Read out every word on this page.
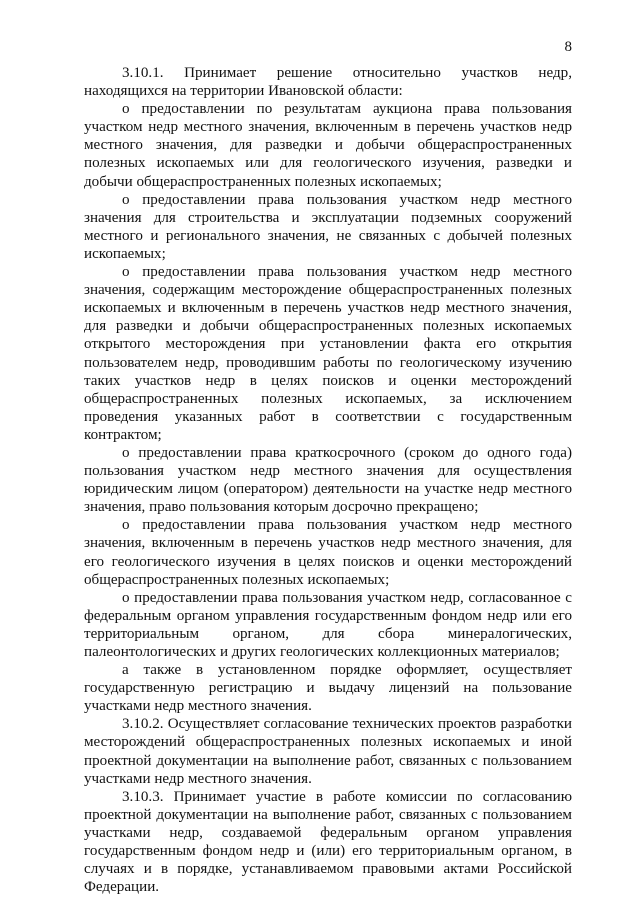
8

3.10.1. Принимает решение относительно участков недр, находящихся на территории Ивановской области:

о предоставлении по результатам аукциона права пользования участком недр местного значения, включенным в перечень участков недр местного значения, для разведки и добычи общераспространенных полезных ископаемых или для геологического изучения, разведки и добычи общераспространенных полезных ископаемых;

о предоставлении права пользования участком недр местного значения для строительства и эксплуатации подземных сооружений местного и регионального значения, не связанных с добычей полезных ископаемых;

о предоставлении права пользования участком недр местного значения, содержащим месторождение общераспространенных полезных ископаемых и включенным в перечень участков недр местного значения, для разведки и добычи общераспространенных полезных ископаемых открытого месторождения при установлении факта его открытия пользователем недр, проводившим работы по геологическому изучению таких участков недр в целях поисков и оценки месторождений общераспространенных полезных ископаемых, за исключением проведения указанных работ в соответствии с государственным контрактом;

о предоставлении права краткосрочного (сроком до одного года) пользования участком недр местного значения для осуществления юридическим лицом (оператором) деятельности на участке недр местного значения, право пользования которым досрочно прекращено;

о предоставлении права пользования участком недр местного значения, включенным в перечень участков недр местного значения, для его геологического изучения в целях поисков и оценки месторождений общераспространенных полезных ископаемых;

о предоставлении права пользования участком недр, согласованное с федеральным органом управления государственным фондом недр или его территориальным органом, для сбора минералогических, палеонтологических и других геологических коллекционных материалов;

а также в установленном порядке оформляет, осуществляет государственную регистрацию и выдачу лицензий на пользование участками недр местного значения.

3.10.2. Осуществляет согласование технических проектов разработки месторождений общераспространенных полезных ископаемых и иной проектной документации на выполнение работ, связанных с пользованием участками недр местного значения.

3.10.3. Принимает участие в работе комиссии по согласованию проектной документации на выполнение работ, связанных с пользованием участками недр, создаваемой федеральным органом управления государственным фондом недр и (или) его территориальным органом, в случаях и в порядке, устанавливаемом правовыми актами Российской Федерации.
